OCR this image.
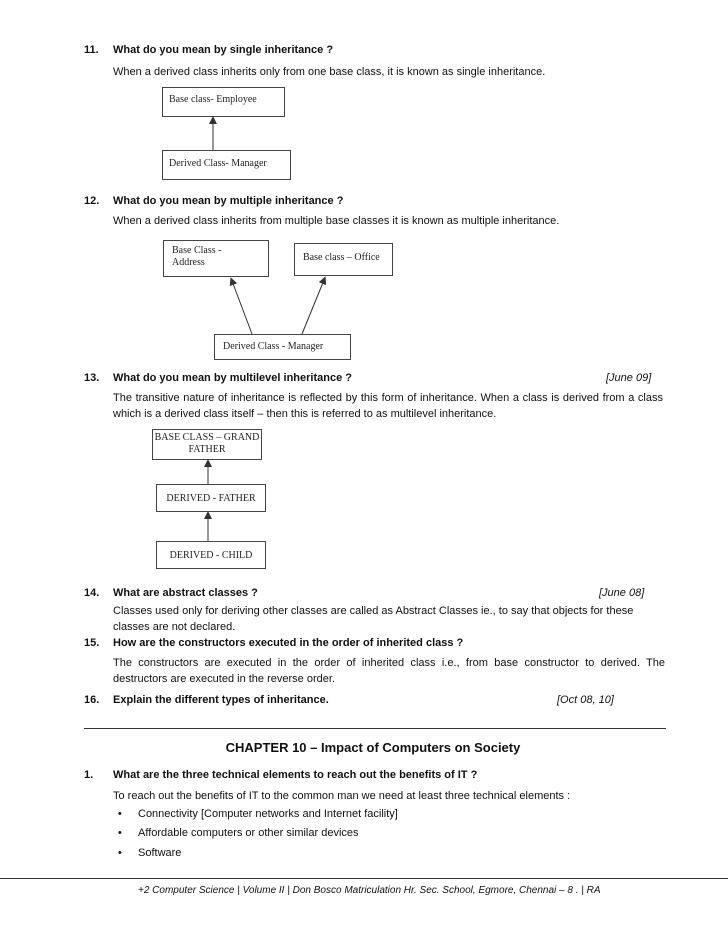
11. What do you mean by single inheritance ?
When a derived class inherits only from one base class, it is known as single inheritance.
Base class- Employee
Derived Class- Manager
12. What do you mean by multiple inheritance ?
When a derived class inherits from multiple base classes it is known as multiple inheritance.
Base Class -
Address	Base class – Office
Derived Class - Manager
13. What do you mean by multilevel inheritance ?	[June 09]
The transitive nature of inheritance is reflected by this form of inheritance. When a class is derived from a class which is a derived class itself – then this is referred to as multilevel inheritance.
BASE CLASS – GRAND
FATHER
DERIVED - FATHER
DERIVED - CHILD
14. What are abstract classes ?	[June 08]
Classes used only for deriving other classes are called as Abstract Classes ie., to say that objects for these classes are not declared.
15. How are the constructors executed in the order of inherited class ?
The constructors are executed in the order of inherited class i.e., from base constructor to derived. The destructors are executed in the reverse order.
16. Explain the different types of inheritance.	[Oct 08, 10]
CHAPTER 10 – Impact of Computers on Society
1. What are the three technical elements to reach out the benefits of IT ?
To reach out the benefits of IT to the common man we need at least three technical elements :
• Connectivity [Computer networks and Internet facility]
• Affordable computers or other similar devices
• Software
+2 Computer Science | Volume II | Don Bosco Matriculation Hr. Sec. School, Egmore, Chennai – 8 . | RA
